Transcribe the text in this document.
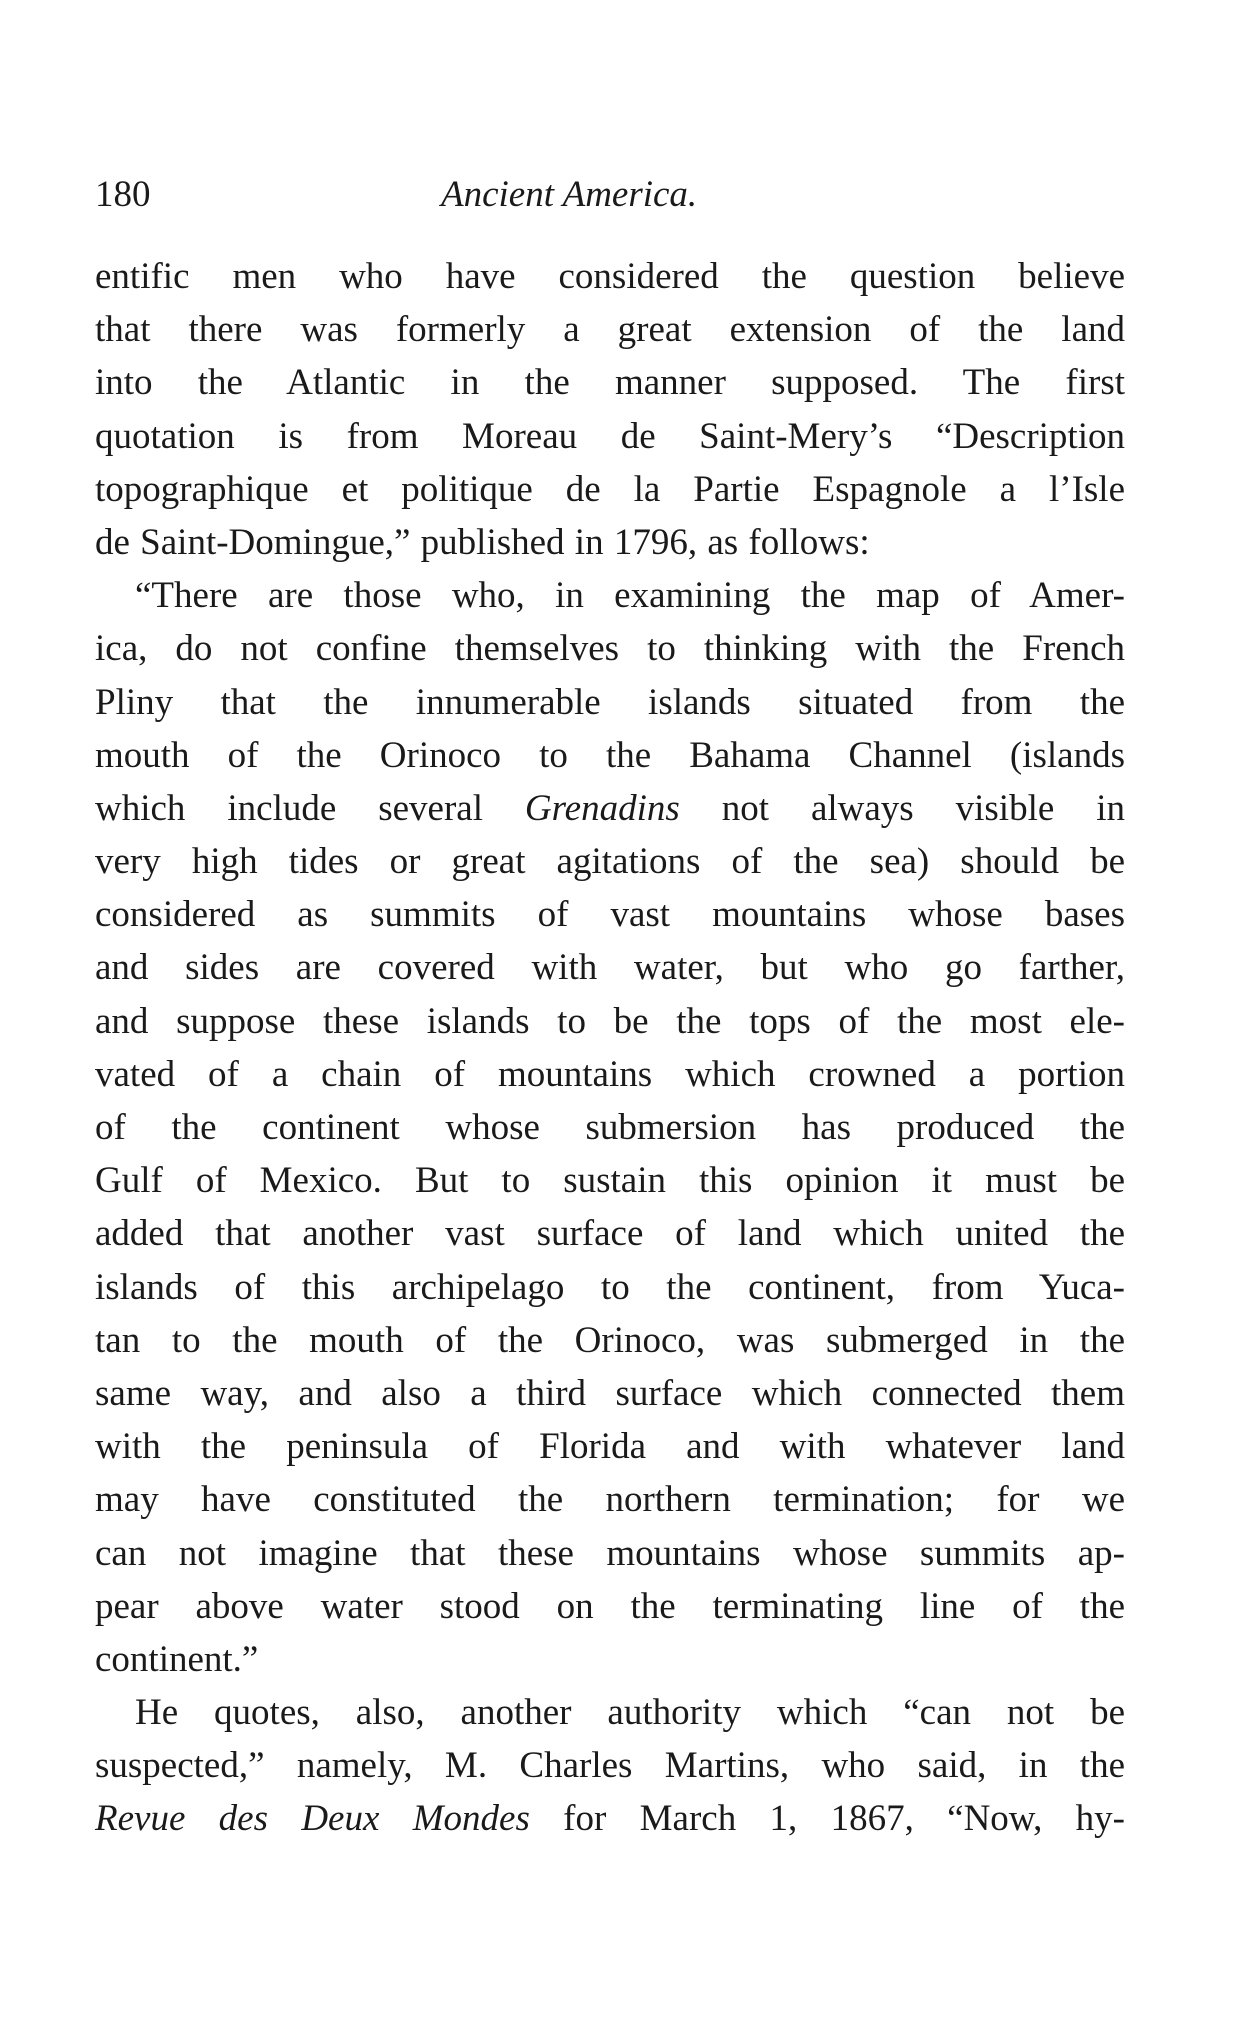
180	Ancient America.
entific men who have considered the question believe
that there was formerly a great extension of the land
into the Atlantic in the manner supposed. The first
quotation is from Moreau de Saint-Mery’s “Description
topographique et politique de la Partie Espagnole a l’Isle
de Saint-Domingue,” published in 1796, as follows:
“There are those who, in examining the map of Amer-
ica, do not confine themselves to thinking with the French
Pliny that the innumerable islands situated from the
mouth of the Orinoco to the Bahama Channel (islands
which include several Grenadins not always visible in
very high tides or great agitations of the sea) should be
considered as summits of vast mountains whose bases
and sides are covered with water, but who go farther,
and suppose these islands to be the tops of the most ele-
vated of a chain of mountains which crowned a portion
of the continent whose submersion has produced the
Gulf of Mexico. But to sustain this opinion it must be
added that another vast surface of land which united the
islands of this archipelago to the continent, from Yuca-
tan to the mouth of the Orinoco, was submerged in the
same way, and also a third surface which connected them
with the peninsula of Florida and with whatever land
may have constituted the northern termination; for we
can not imagine that these mountains whose summits ap-
pear above water stood on the terminating line of the
continent.”
He quotes, also, another authority which “can not be
suspected,” namely, M. Charles Martins, who said, in the
Revue des Deux Mondes for March 1, 1867, “Now, hy-
